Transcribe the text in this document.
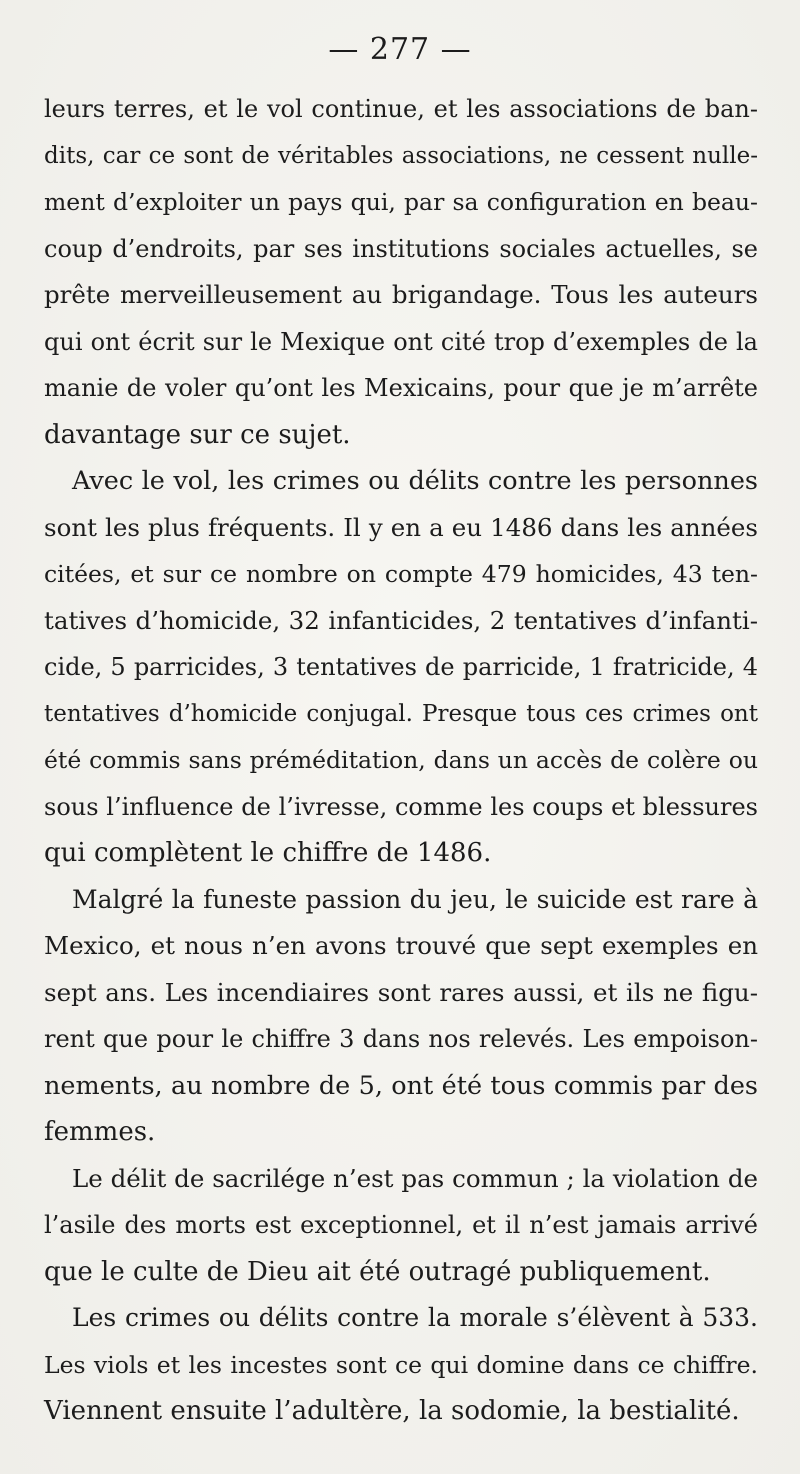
— 277 —
leurs terres, et le vol continue, et les associations de ban-
dits, car ce sont de véritables associations, ne cessent nulle-
ment d’exploiter un pays qui, par sa configuration en beau-
coup d’endroits, par ses institutions sociales actuelles, se
prête merveilleusement au brigandage. Tous les auteurs
qui ont écrit sur le Mexique ont cité trop d’exemples de la
manie de voler qu’ont les Mexicains, pour que je m’arrête
davantage sur ce sujet.
Avec le vol, les crimes ou délits contre les personnes
sont les plus fréquents. Il y en a eu 1486 dans les années
citées, et sur ce nombre on compte 479 homicides, 43 ten-
tatives d’homicide, 32 infanticides, 2 tentatives d’infanti-
cide, 5 parricides, 3 tentatives de parricide, 1 fratricide, 4
tentatives d’homicide conjugal. Presque tous ces crimes ont
été commis sans préméditation, dans un accès de colère ou
sous l’influence de l’ivresse, comme les coups et blessures
qui complètent le chiffre de 1486.
Malgré la funeste passion du jeu, le suicide est rare à
Mexico, et nous n’en avons trouvé que sept exemples en
sept ans. Les incendiaires sont rares aussi, et ils ne figu-
rent que pour le chiffre 3 dans nos relevés. Les empoison-
nements, au nombre de 5, ont été tous commis par des
femmes.
Le délit de sacrilége n’est pas commun ; la violation de
l’asile des morts est exceptionnel, et il n’est jamais arrivé
que le culte de Dieu ait été outragé publiquement.
Les crimes ou délits contre la morale s’élèvent à 533.
Les viols et les incestes sont ce qui domine dans ce chiffre.
Viennent ensuite l’adultère, la sodomie, la bestialité.
